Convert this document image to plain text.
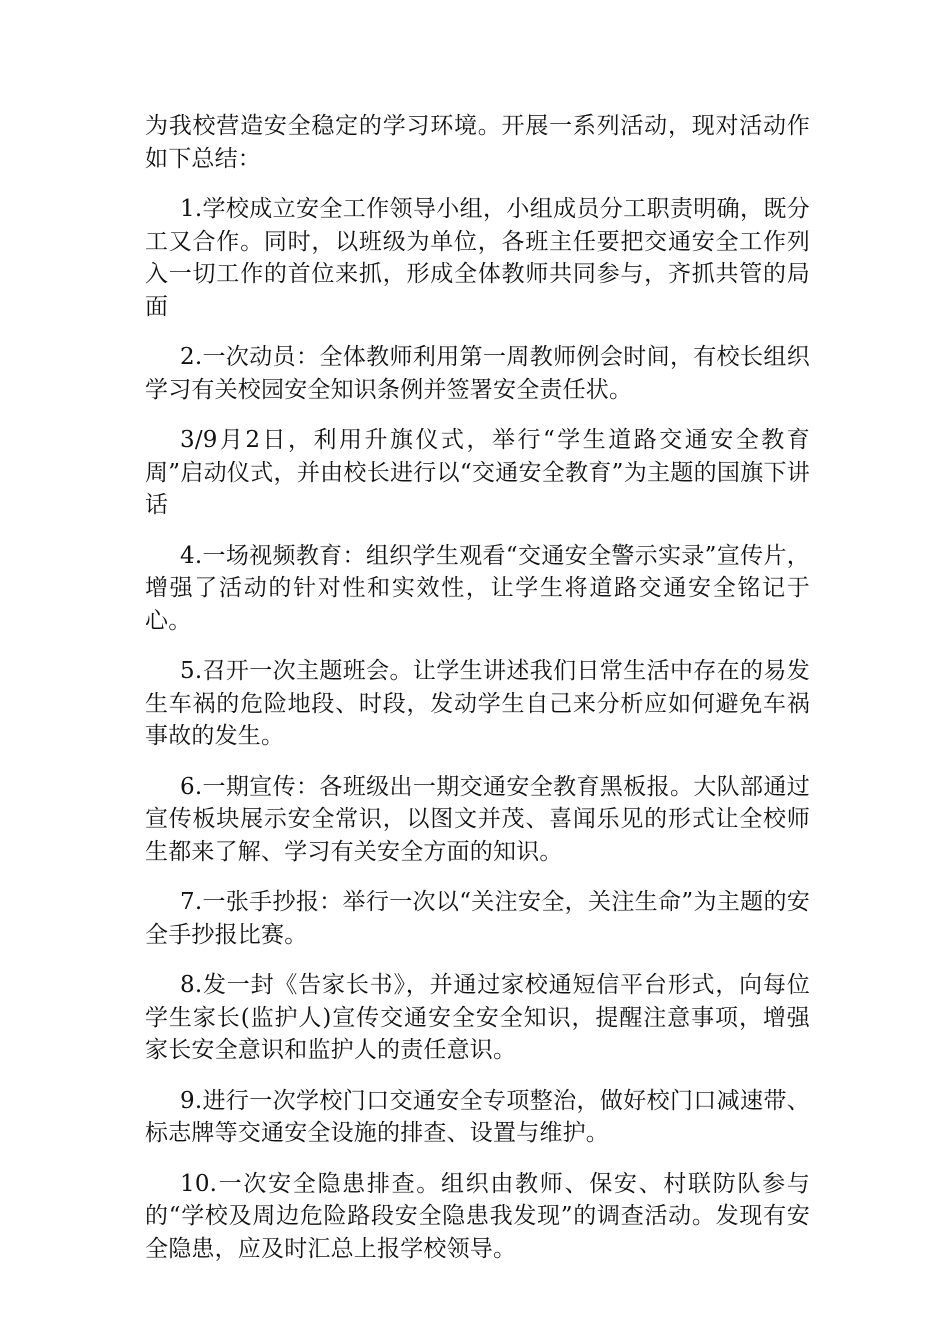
为我校营造安全稳定的学习环境。开展一系列活动，现对活动作如下总结：

1.学校成立安全工作领导小组，小组成员分工职责明确，既分工又合作。同时，以班级为单位，各班主任要把交通安全工作列入一切工作的首位来抓，形成全体教师共同参与，齐抓共管的局面

2.一次动员：全体教师利用第一周教师例会时间，有校长组织学习有关校园安全知识条例并签署安全责任状。

3/9月2日，利用升旗仪式，举行“学生道路交通安全教育周”启动仪式，并由校长进行以“交通安全教育”为主题的国旗下讲话

4.一场视频教育：组织学生观看“交通安全警示实录”宣传片，增强了活动的针对性和实效性，让学生将道路交通安全铭记于心。

5.召开一次主题班会。让学生讲述我们日常生活中存在的易发生车祸的危险地段、时段，发动学生自己来分析应如何避免车祸事故的发生。

6.一期宣传：各班级出一期交通安全教育黑板报。大队部通过宣传板块展示安全常识，以图文并茂、喜闻乐见的形式让全校师生都来了解、学习有关安全方面的知识。

7.一张手抄报：举行一次以“关注安全，关注生命”为主题的安全手抄报比赛。

8.发一封《告家长书》，并通过家校通短信平台形式，向每位学生家长(监护人)宣传交通安全安全知识，提醒注意事项，增强家长安全意识和监护人的责任意识。

9.进行一次学校门口交通安全专项整治，做好校门口减速带、标志牌等交通安全设施的排查、设置与维护。

10.一次安全隐患排查。组织由教师、保安、村联防队参与的“学校及周边危险路段安全隐患我发现”的调查活动。发现有安全隐患，应及时汇总上报学校领导。
